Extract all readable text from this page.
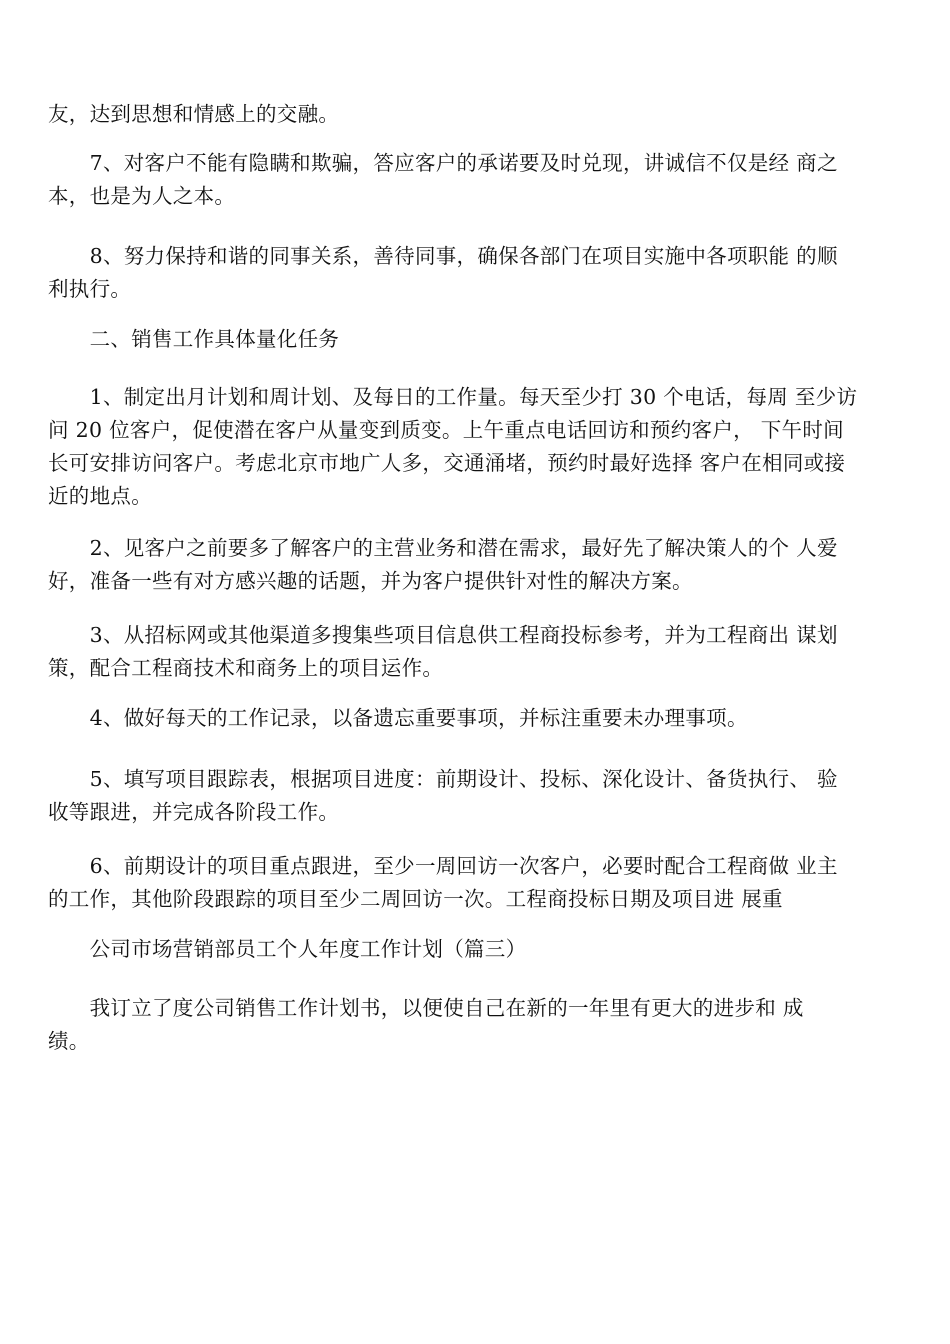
友，达到思想和情感上的交融。
　　7、对客户不能有隐瞒和欺骗，答应客户的承诺要及时兑现，讲诚信不仅是经 商之
本，也是为人之本。
　　8、努力保持和谐的同事关系，善待同事，确保各部门在项目实施中各项职能 的顺
利执行。
　　二、销售工作具体量化任务
　　1、制定出月计划和周计划、及每日的工作量。每天至少打 30 个电话，每周 至少访
问 20 位客户，促使潜在客户从量变到质变。上午重点电话回访和预约客户， 下午时间
长可安排访问客户。考虑北京市地广人多，交通涌堵，预约时最好选择 客户在相同或接
近的地点。
　　2、见客户之前要多了解客户的主营业务和潜在需求，最好先了解决策人的个 人爱
好，准备一些有对方感兴趣的话题，并为客户提供针对性的解决方案。
　　3、从招标网或其他渠道多搜集些项目信息供工程商投标参考，并为工程商出 谋划
策，配合工程商技术和商务上的项目运作。
　　4、做好每天的工作记录，以备遗忘重要事项，并标注重要未办理事项。
　　5、填写项目跟踪表，根据项目进度：前期设计、投标、深化设计、备货执行、 验
收等跟进，并完成各阶段工作。
　　6、前期设计的项目重点跟进，至少一周回访一次客户，必要时配合工程商做 业主
的工作，其他阶段跟踪的项目至少二周回访一次。工程商投标日期及项目进 展重
　　公司市场营销部员工个人年度工作计划（篇三）
　　我订立了度公司销售工作计划书，以便使自己在新的一年里有更大的进步和 成
绩。
